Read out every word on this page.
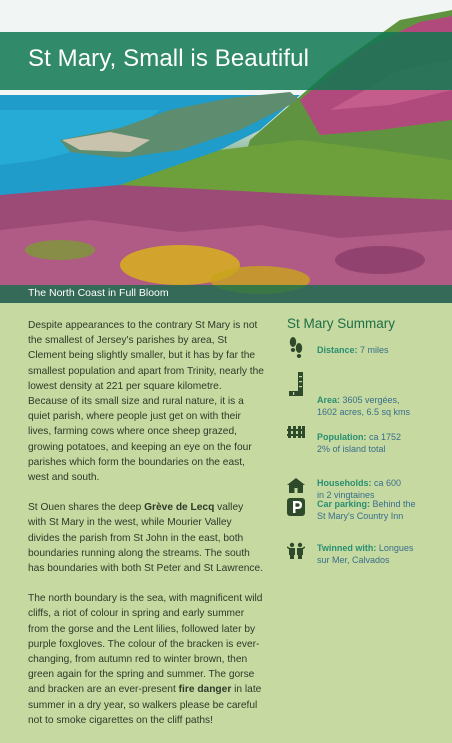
St Mary, Small is Beautiful
The North Coast in Full Bloom

Despite appearances to the contrary St Mary is not the smallest of Jersey's parishes by area, St Clement being slightly smaller, but it has by far the smallest population and apart from Trinity, nearly the lowest density at 221 per square kilometre. Because of its small size and rural nature, it is a quiet parish, where people just get on with their lives, farming cows where once sheep grazed, growing potatoes, and keeping an eye on the four parishes which form the boundaries on the east, west and south.

St Ouen shares the deep Grève de Lecq valley with St Mary in the west, while Mourier Valley divides the parish from St John in the east, both boundaries running along the streams. The south has boundaries with both St Peter and St Lawrence.

The north boundary is the sea, with magnificent wild cliffs, a riot of colour in spring and early summer from the gorse and the Lent lilies, followed later by purple foxgloves. The colour of the bracken is ever-changing, from autumn red to winter brown, then green again for the spring and summer. The gorse and bracken are an ever-present fire danger in late summer in a dry year, so walkers please be careful not to smoke cigarettes on the cliff paths!

St Mary Summary
Distance: 7 miles
Area: 3605 vergées,
1602 acres, 6.5 sq kms
Population: ca 1752
2% of island total
Households: ca 600
in 2 vingtaines
Car parking: Behind the
St Mary's Country Inn
Twinned with: Longues
sur Mer, Calvados
